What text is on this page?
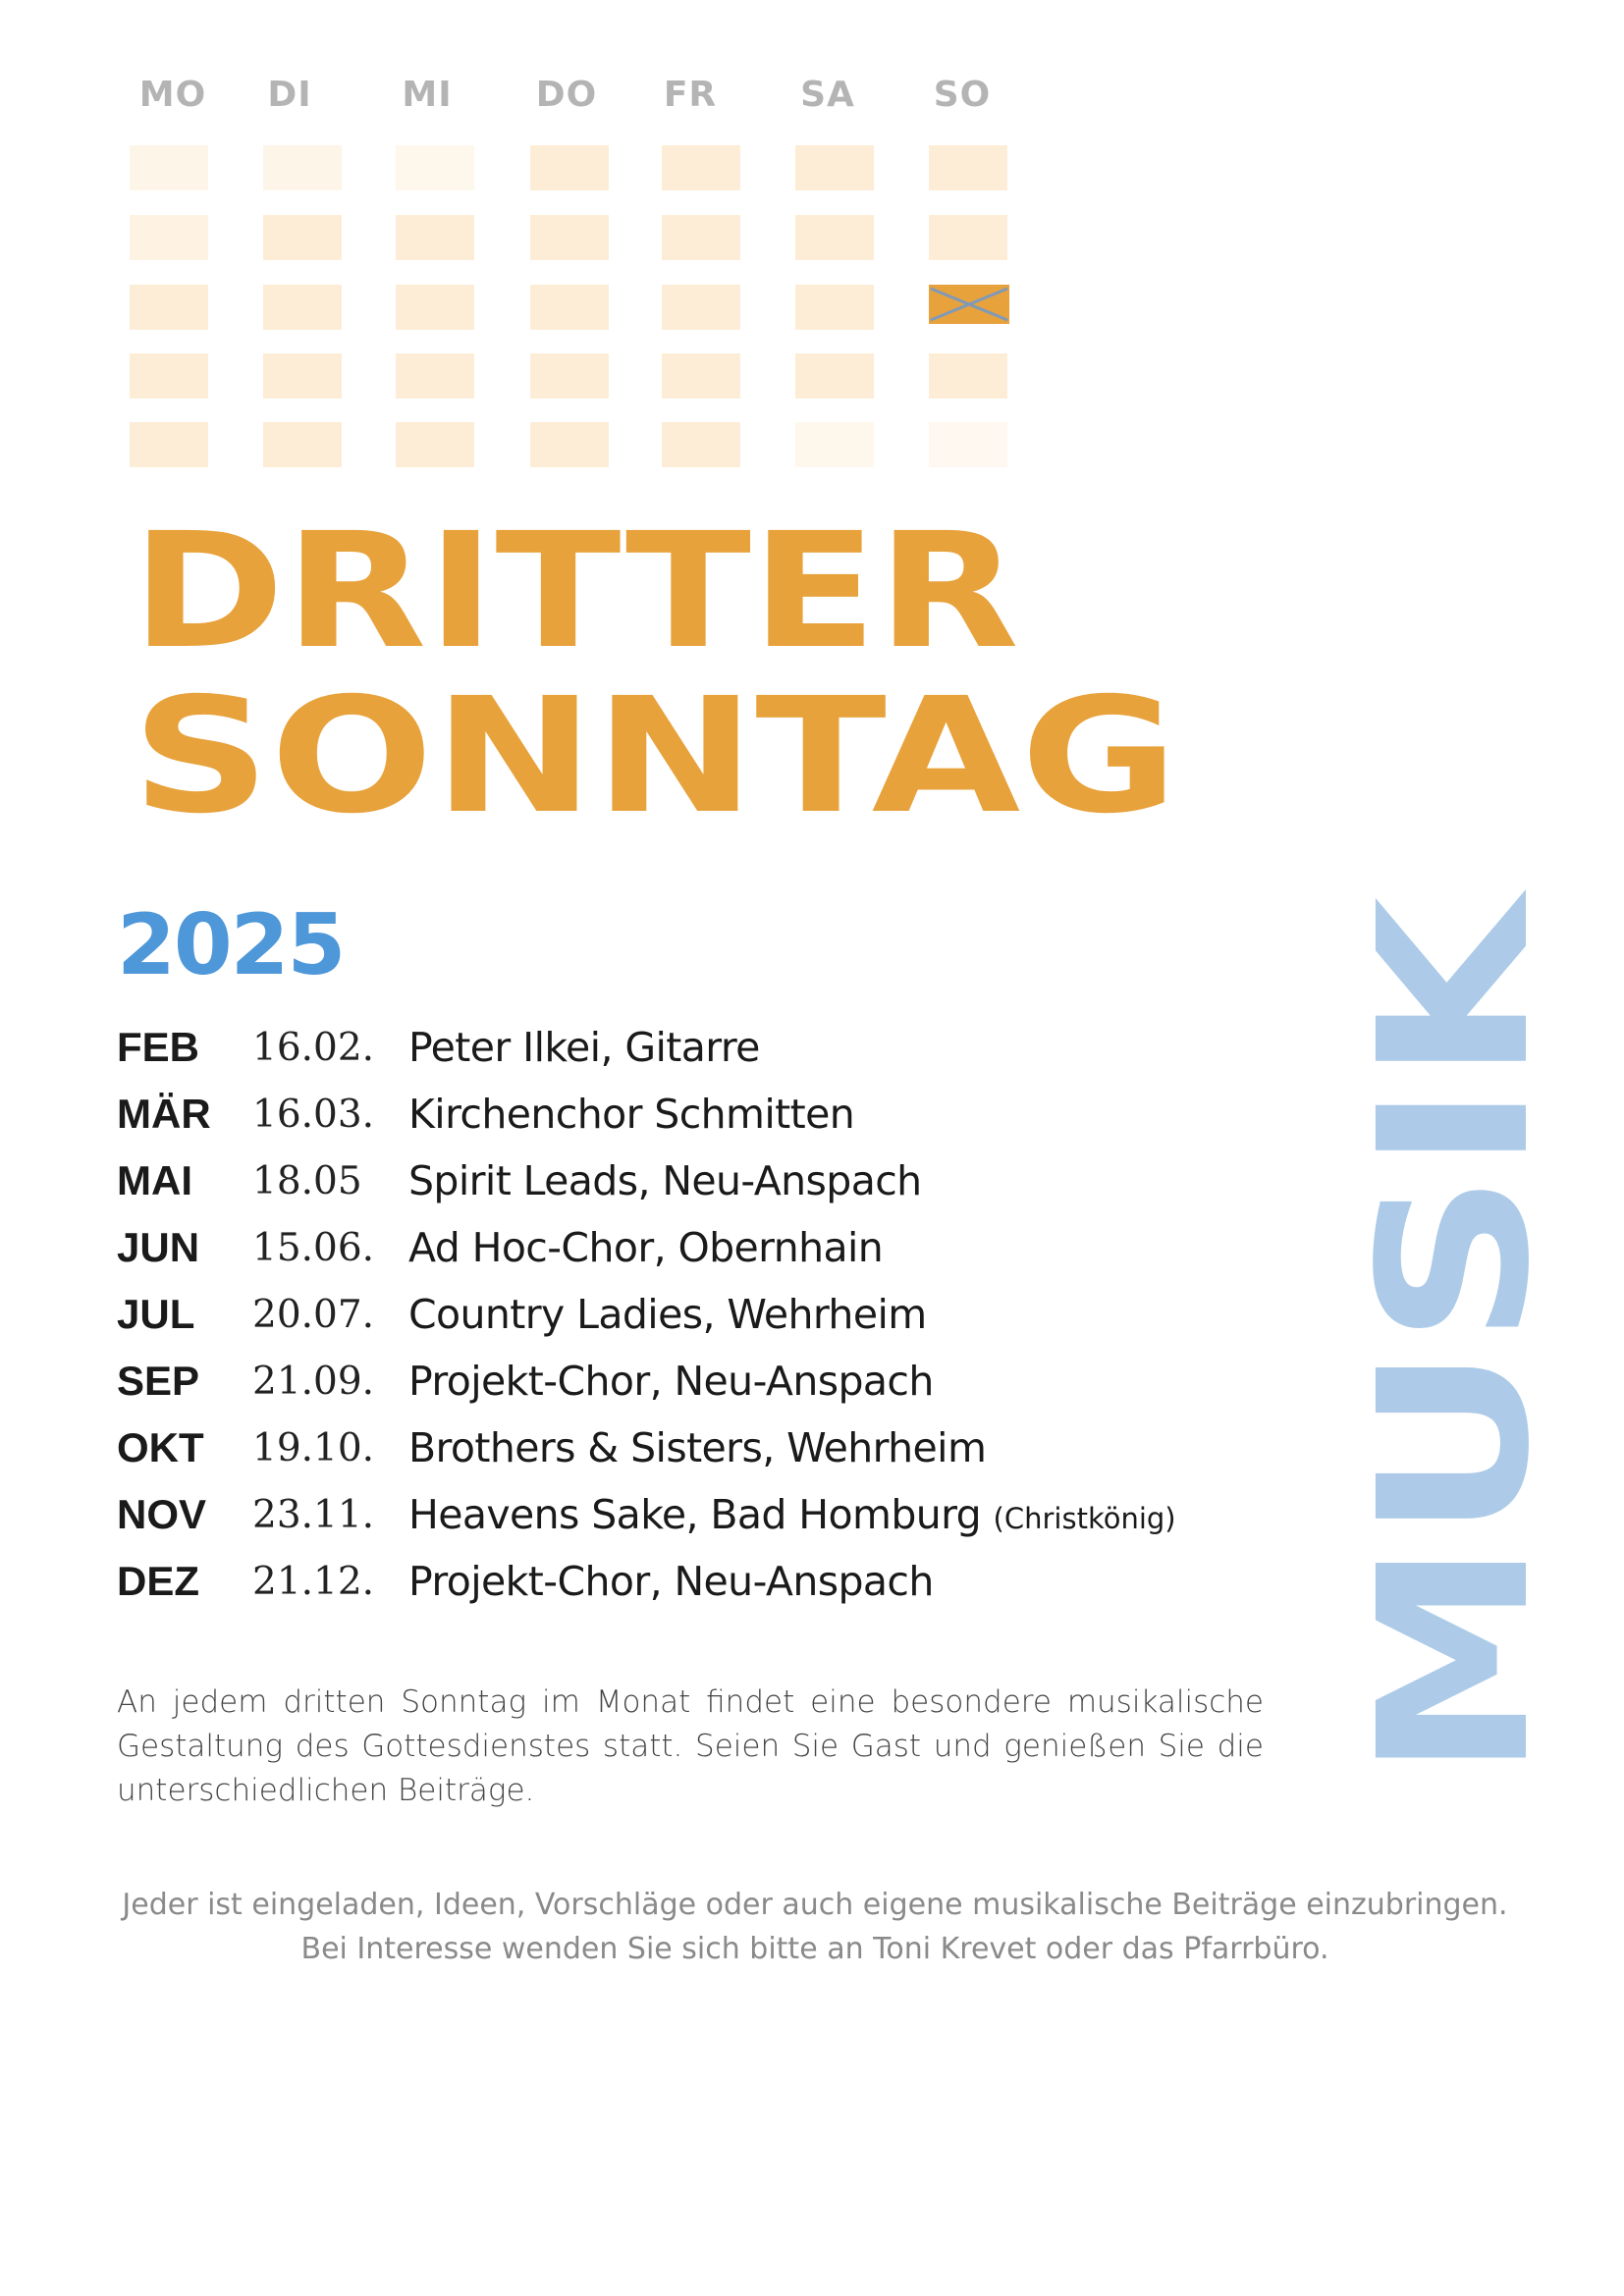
MO	DI	MI	DO	FR	SA	SO
DRITTER
SONNTAG
2025	MUSIK
FEB 16.02. Peter Ilkei, Gitarre
MÄR 16.03. Kirchenchor Schmitten
MAI 18.05 Spirit Leads, Neu-Anspach
JUN 15.06. Ad Hoc-Chor, Obernhain
JUL 20.07. Country Ladies, Wehrheim
SEP 21.09. Projekt-Chor, Neu-Anspach
OKT 19.10. Brothers & Sisters, Wehrheim
NOV 23.11. Heavens Sake, Bad Homburg (Christkönig)
DEZ 21.12. Projekt-Chor, Neu-Anspach
An jedem dritten Sonntag im Monat findet eine besondere musikalische Gestaltung des Gottesdienstes statt. Seien Sie Gast und genießen Sie die unterschiedlichen Beiträge.
Jeder ist eingeladen, Ideen, Vorschläge oder auch eigene musikalische Beiträge einzubringen. Bei Interesse wenden Sie sich bitte an Toni Krevet oder das Pfarrbüro.
